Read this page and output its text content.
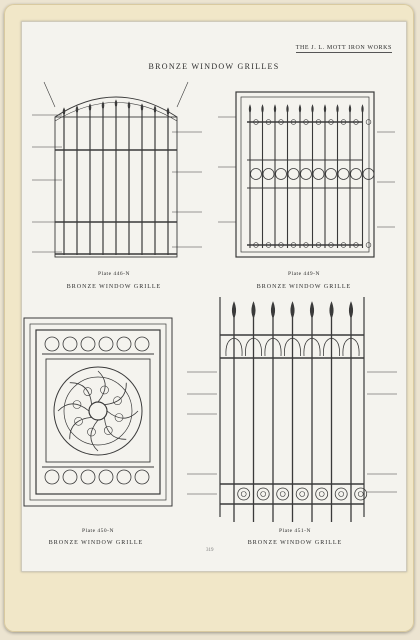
THE J. L. MOTT IRON WORKS
BRONZE WINDOW GRILLES
Plate 446-N
BRONZE WINDOW GRILLE
Plate 449-N
BRONZE WINDOW GRILLE
Plate 450-N
BRONZE WINDOW GRILLE
Plate 451-N
BRONZE WINDOW GRILLE
319
